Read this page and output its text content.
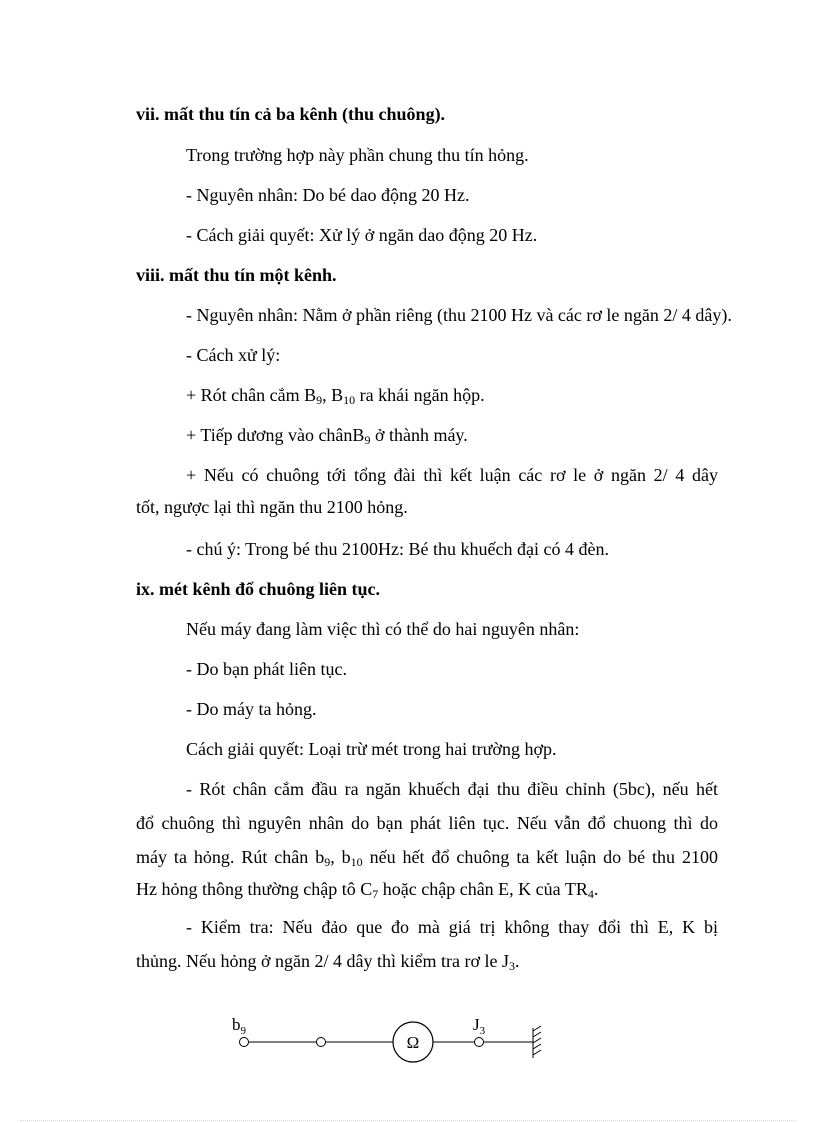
vii. mất thu tín cả ba kênh (thu chuông).
Trong trường hợp này phần chung thu tín hỏng.
- Nguyên nhân: Do bé dao động 20 Hz.
- Cách giải quyết: Xử lý ở ngăn dao động 20 Hz.
viii. mất thu tín một kênh.
- Nguyên nhân: Nằm ở phần riêng (thu 2100 Hz và các rơ le ngăn 2/ 4 dây).
- Cách xử lý:
+ Rót chân cắm $B_9$, $B_{10}$ ra khái ngăn hộp.
+ Tiếp dương vào chânB$_9$ ở thành máy.
+ Nếu có chuông tới tổng đài thì kết luận các rơ le ở ngăn 2/ 4 dây
tốt, ngược lại thì ngăn thu 2100 hỏng.
- chú ý: Trong bé thu 2100Hz: Bé thu khuếch đại có 4 đèn.
ix. mét kênh đổ chuông liên tục.
Nếu máy đang làm việc thì có thể do hai nguyên nhân:
- Do bạn phát liên tục.
- Do máy ta hỏng.
Cách giải quyết: Loại trừ mét trong hai trường hợp.
- Rót chân cắm đầu ra ngăn khuếch đại thu điều chỉnh (5bc), nếu hết
đổ chuông thì nguyên nhân do bạn phát liên tục. Nếu vẫn đổ chuong thì do
máy ta hỏng. Rút chân $b_9$, $b_{10}$ nếu hết đổ chuông ta kết luận do bé thu 2100
Hz hỏng thông thường chập tô $C_7$ hoặc chập chân E, K của $TR_4$.
- Kiểm tra: Nếu đảo que đo mà giá trị không thay đổi thì E, K bị
thủng. Nếu hỏng ở ngăn 2/ 4 dây thì kiểm tra rơ le $J_3$.
$b_9$
Ω
$J_3$
